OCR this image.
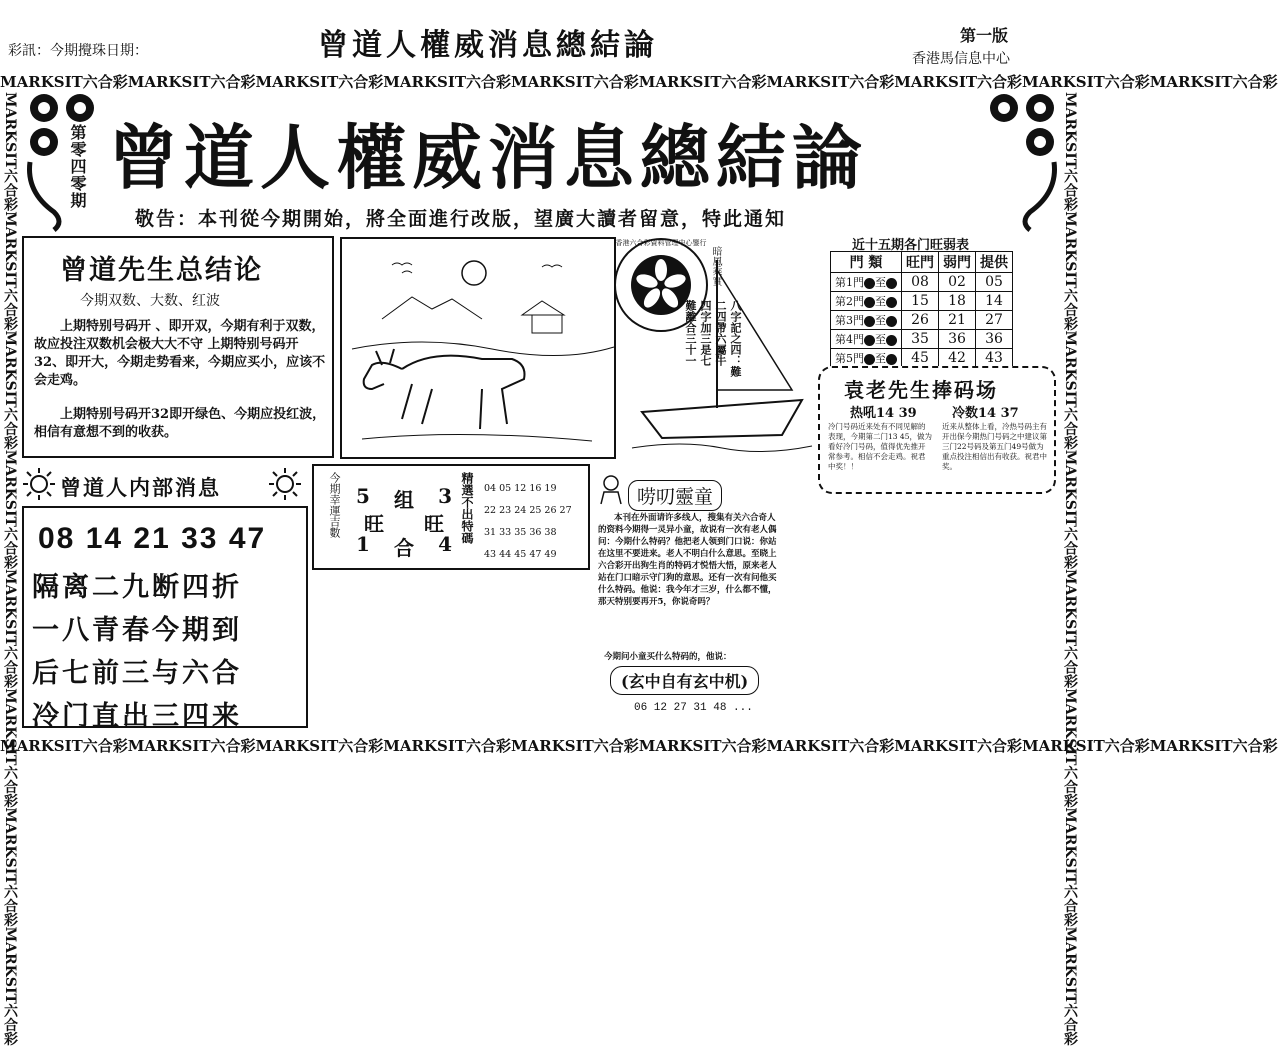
彩訊：今期攪珠日期：	曾道人權威消息總結論	第一版
香港馬信息中心
MARKSIT六合彩MARKSIT六合彩MARKSIT六合彩MARKSIT六合彩MARKSIT六合彩MARKSIT六合彩MARKSIT六合彩MARKSIT六合彩MARKSIT六合彩MARKSIT六合彩
MARKSIT六合彩MARKSIT六合彩MARKSIT六合彩MARKSIT六合彩MARKSIT六合彩MARKSIT六合彩MARKSIT六合彩MARKSIT六合彩MARKSIT六合彩MARKSIT六合彩
MARKSIT六合彩MARKSIT六合彩MARKSIT六合彩MARKSIT六合彩MARKSIT六合彩MARKSIT六合彩MARKSIT六合彩MARKSIT六合彩	MARKSIT六合彩MARKSIT六合彩MARKSIT六合彩MARKSIT六合彩MARKSIT六合彩MARKSIT六合彩MARKSIT六合彩MARKSIT六合彩
第零四零期 曾道人權威消息總結論
敬告：本刊從今期開始，將全面進行改版，望廣大讀者留意，特此通知
曾道先生总结论
今期双数、大数、红波
上期特别号码开 、即开双，今期有利于双数，故应投注双数机会极大大不守 上期特别号码开32、即开大，今期走势看来，今期应买小，应该不会走鸡。
上期特别号码开32即开绿色、今期应投红波，相信有意想不到的收获。
香港六合彩資料管理中心鑒行
暗風乘實
八字記之四：難
二四帶六屬牛
四字加三是七
難離合三十一
近十五期各门旺弱表
門 類	旺門	弱門	提供
第1門 至	08	02	05
第2門 至	15	18	14
第3門 至	26	21	27
第4門 至	35	36	36
第5門 至	45	42	43
袁老先生捧码场
热吼14 39	冷数14 37
冷门号码近来处有不同见解的表现，今期第二门13 45，做为看好冷门号码，值得优先推开常参考。相信不会走鸡。祝君中奖！！
近来从整体上看，冷热号码主有开出保今期热门号码之中建议第三门22号码及第五门49号做为重点投注相信出有收获。祝君中奖。
曾道人内部消息
08 14 21 33 47
隔离二九断四折
一八青春今期到
后七前三与六合
冷门直出三四来
今期幸運吉數 5 组 3
旺 旺
1 合 4 精選不出特碼 04 05 12 16 19
22 23 24 25 26 27
31 33 35 36 38
43 44 45 47 49
唠叨靈童
本刊在外面请许多线人，搜集有关六合奇人的资料今期得一灵异小童，故说有一次有老人偶问：今期什么特码？他把老人领到门口说：你站在这里不要进来。老人不明白什么意思。至晓上六合彩开出狗生肖的特码才悦悟大悟，原来老人站在门口暗示守门狗的意思。还有一次有问他买什么特码。他说：我今年才三岁，什么都不懂，那天特别要再开5，你说奇吗？
今期问小童买什么特码的，他说：
(玄中自有玄中机)
06 12 27 31 48 ...
